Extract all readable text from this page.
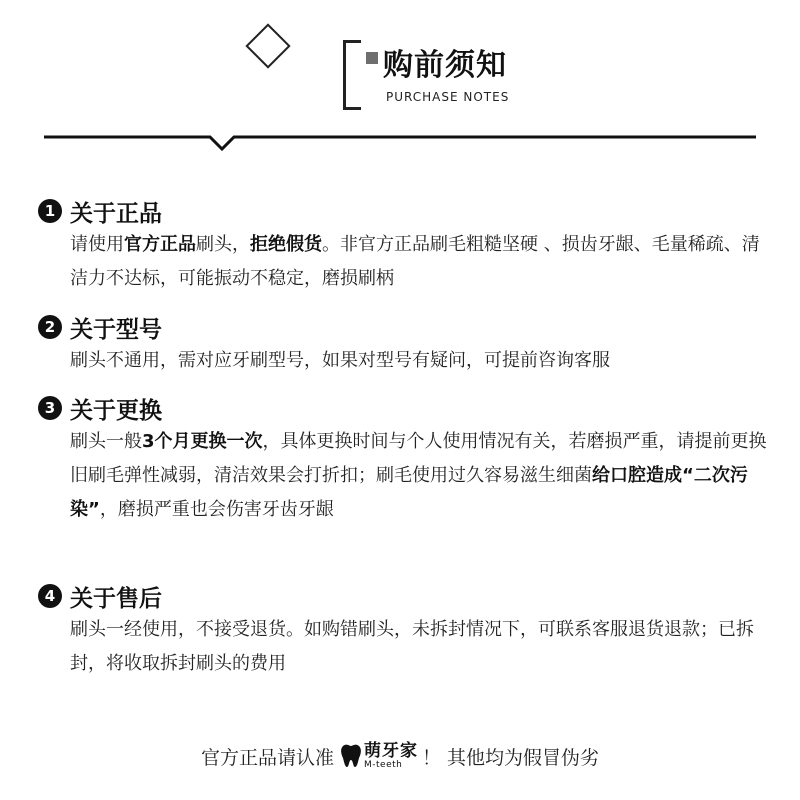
购前须知
PURCHASE NOTES
1 关于正品
请使用官方正品刷头，拒绝假货。非官方正品刷毛粗糙坚硬 、损齿牙龈、毛量稀疏、清洁力不达标，可能振动不稳定，磨损刷柄
2 关于型号
刷头不通用，需对应牙刷型号，如果对型号有疑问，可提前咨询客服
3 关于更换
刷头一般3个月更换一次，具体更换时间与个人使用情况有关，若磨损严重，请提前更换
旧刷毛弹性减弱，清洁效果会打折扣；刷毛使用过久容易滋生细菌给口腔造成“二次污染”，磨损严重也会伤害牙齿牙龈
4 关于售后
刷头一经使用，不接受退货。如购错刷头，未拆封情况下，可联系客服退货退款；已拆封，将收取拆封刷头的费用
官方正品请认准 萌牙家
M-teeth	！ 其他均为假冒伪劣
